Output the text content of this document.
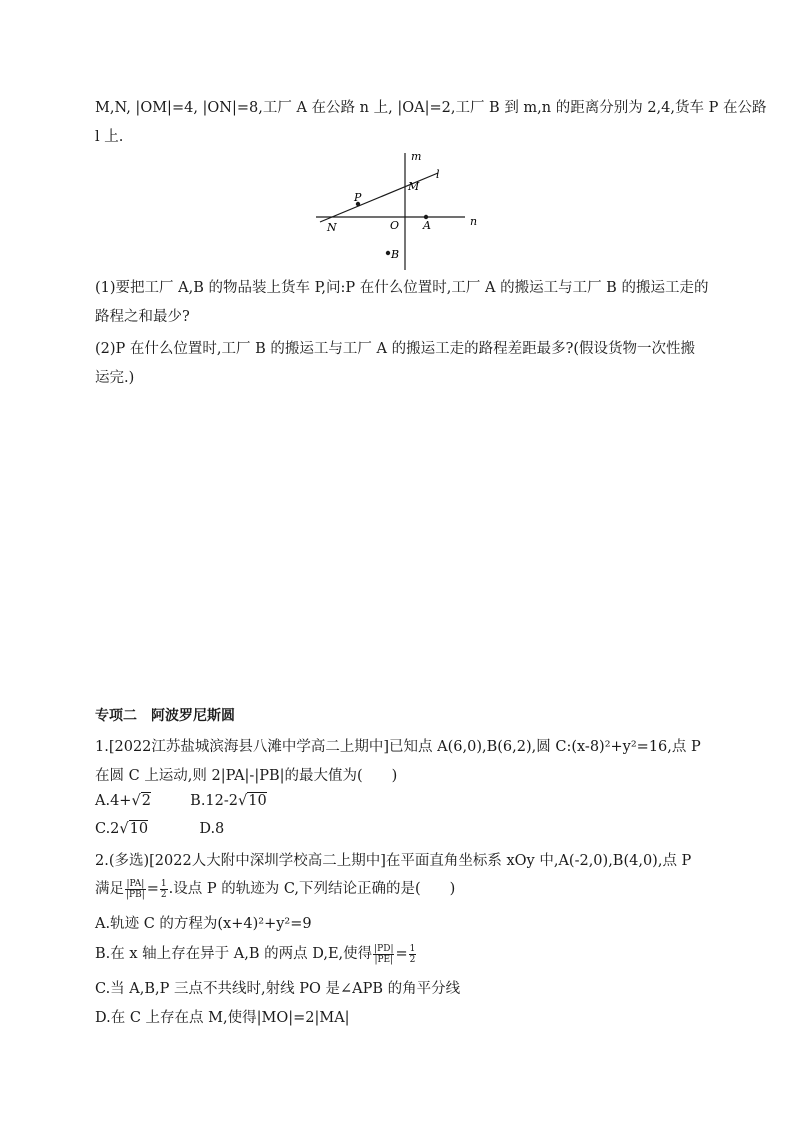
M,N, |OM|=4, |ON|=8,工厂 A 在公路 n 上, |OA|=2,工厂 B 到 m,n 的距离分别为 2,4,货车 P 在公路
l 上.
m
l
M
P
N	O A	n
B
(1)要把工厂 A,B 的物品装上货车 P,问:P 在什么位置时,工厂 A 的搬运工与工厂 B 的搬运工走的
路程之和最少?
(2)P 在什么位置时,工厂 B 的搬运工与工厂 A 的搬运工走的路程差距最多?(假设货物一次性搬
运完.)
专项二　阿波罗尼斯圆
1.[2022江苏盐城滨海县八滩中学高二上期中]已知点 A(6,0),B(6,2),圆 C:(x-8)²+y²=16,点 P
在圆 C 上运动,则 2|PA|-|PB|的最大值为(　　)
A.4+√2	B.12-2√10
C.2√10	D.8
2.(多选)[2022人大附中深圳学校高二上期中]在平面直角坐标系 xOy 中,A(-2,0),B(4,0),点 P
满足 $\frac{|PA|}{|PB|} = \frac{1}{2}$ .设点 P 的轨迹为 C,下列结论正确的是(　　)
A.轨迹 C 的方程为(x+4)²+y²=9
B.在 x 轴上存在异于 A,B 的两点 D,E,使得 $\frac{|PD|}{|PE|} = \frac{1}{2}$
C.当 A,B,P 三点不共线时,射线 PO 是∠APB 的角平分线
D.在 C 上存在点 M,使得|MO|=2|MA|
